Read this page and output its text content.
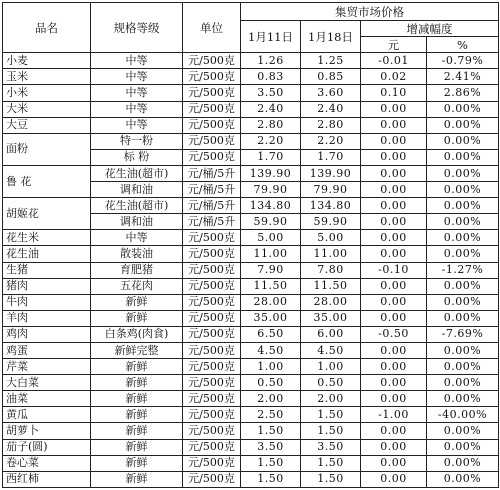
品名	规格等级	单位	集贸市场价格			
			1月11日	1月18日	增减幅度	
					元	%
小麦	中等	元/500克	1.26	1.25	-0.01	-0.79%
玉米	中等	元/500克	0.83	0.85	0.02	2.41%
小米	中等	元/500克	3.50	3.60	0.10	2.86%
大米	中等	元/500克	2.40	2.40	0.00	0.00%
大豆	中等	元/500克	2.80	2.80	0.00	0.00%
面粉	特一粉	元/500克	2.20	2.20	0.00	0.00%
	标 粉	元/500克	1.70	1.70	0.00	0.00%
鲁 花	花生油(超市)	元/桶/5升	139.90	139.90	0.00	0.00%
	调和油	元/桶/5升	79.90	79.90	0.00	0.00%
胡姬花	花生油(超市)	元/桶/5升	134.80	134.80	0.00	0.00%
	调和油	元/桶/5升	59.90	59.90	0.00	0.00%
花生米	中等	元/500克	5.00	5.00	0.00	0.00%
花生油	散装油	元/500克	11.00	11.00	0.00	0.00%
生猪	育肥猪	元/500克	7.90	7.80	-0.10	-1.27%
猪肉	五花肉	元/500克	11.50	11.50	0.00	0.00%
牛肉	新鲜	元/500克	28.00	28.00	0.00	0.00%
羊肉	新鲜	元/500克	35.00	35.00	0.00	0.00%
鸡肉	白条鸡(肉食)	元/500克	6.50	6.00	-0.50	-7.69%
鸡蛋	新鲜完整	元/500克	4.50	4.50	0.00	0.00%
芹菜	新鲜	元/500克	1.00	1.00	0.00	0.00%
大白菜	新鲜	元/500克	0.50	0.50	0.00	0.00%
油菜	新鲜	元/500克	2.00	2.00	0.00	0.00%
黄瓜	新鲜	元/500克	2.50	1.50	-1.00	-40.00%
胡萝卜	新鲜	元/500克	1.50	1.50	0.00	0.00%
茄子(圆)	新鲜	元/500克	3.50	3.50	0.00	0.00%
卷心菜	新鲜	元/500克	1.50	1.50	0.00	0.00%
西红柿	新鲜	元/500克	1.50	1.50	0.00	0.00%
